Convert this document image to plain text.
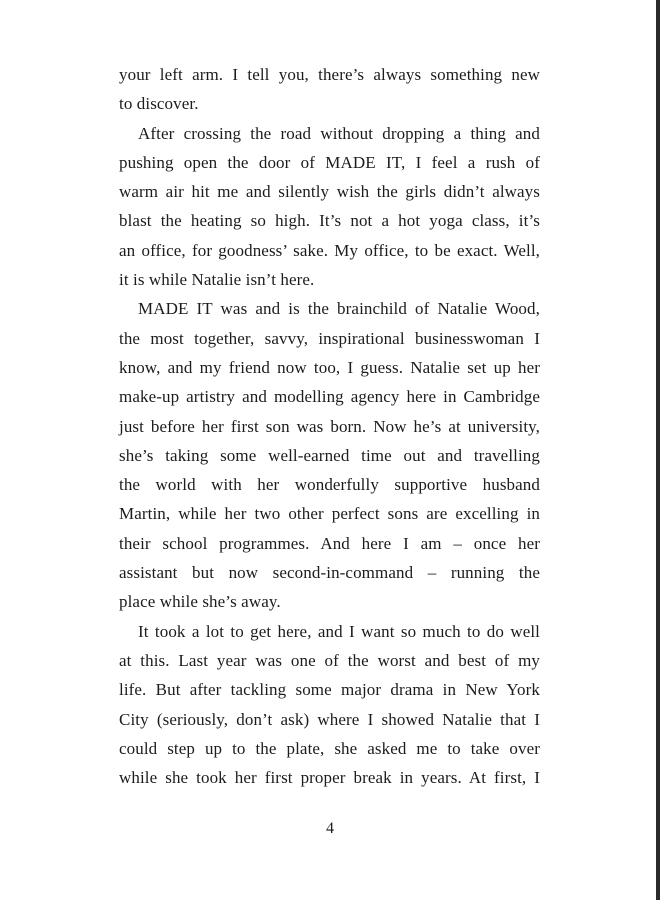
your left arm. I tell you, there’s always something new
to discover.

After crossing the road without dropping a thing and
pushing open the door of MADE IT, I feel a rush of
warm air hit me and silently wish the girls didn’t always
blast the heating so high. It’s not a hot yoga class, it’s
an office, for goodness’ sake. My office, to be exact. Well,
it is while Natalie isn’t here.

MADE IT was and is the brainchild of Natalie Wood,
the most together, savvy, inspirational businesswoman I
know, and my friend now too, I guess. Natalie set up her
make-up artistry and modelling agency here in Cambridge
just before her first son was born. Now he’s at university,
she’s taking some well-earned time out and travelling
the world with her wonderfully supportive husband
Martin, while her two other perfect sons are excelling in
their school programmes. And here I am – once her
assistant but now second-in-command – running the
place while she’s away.

It took a lot to get here, and I want so much to do well
at this. Last year was one of the worst and best of my
life. But after tackling some major drama in New York
City (seriously, don’t ask) where I showed Natalie that I
could step up to the plate, she asked me to take over
while she took her first proper break in years. At first, I

4
